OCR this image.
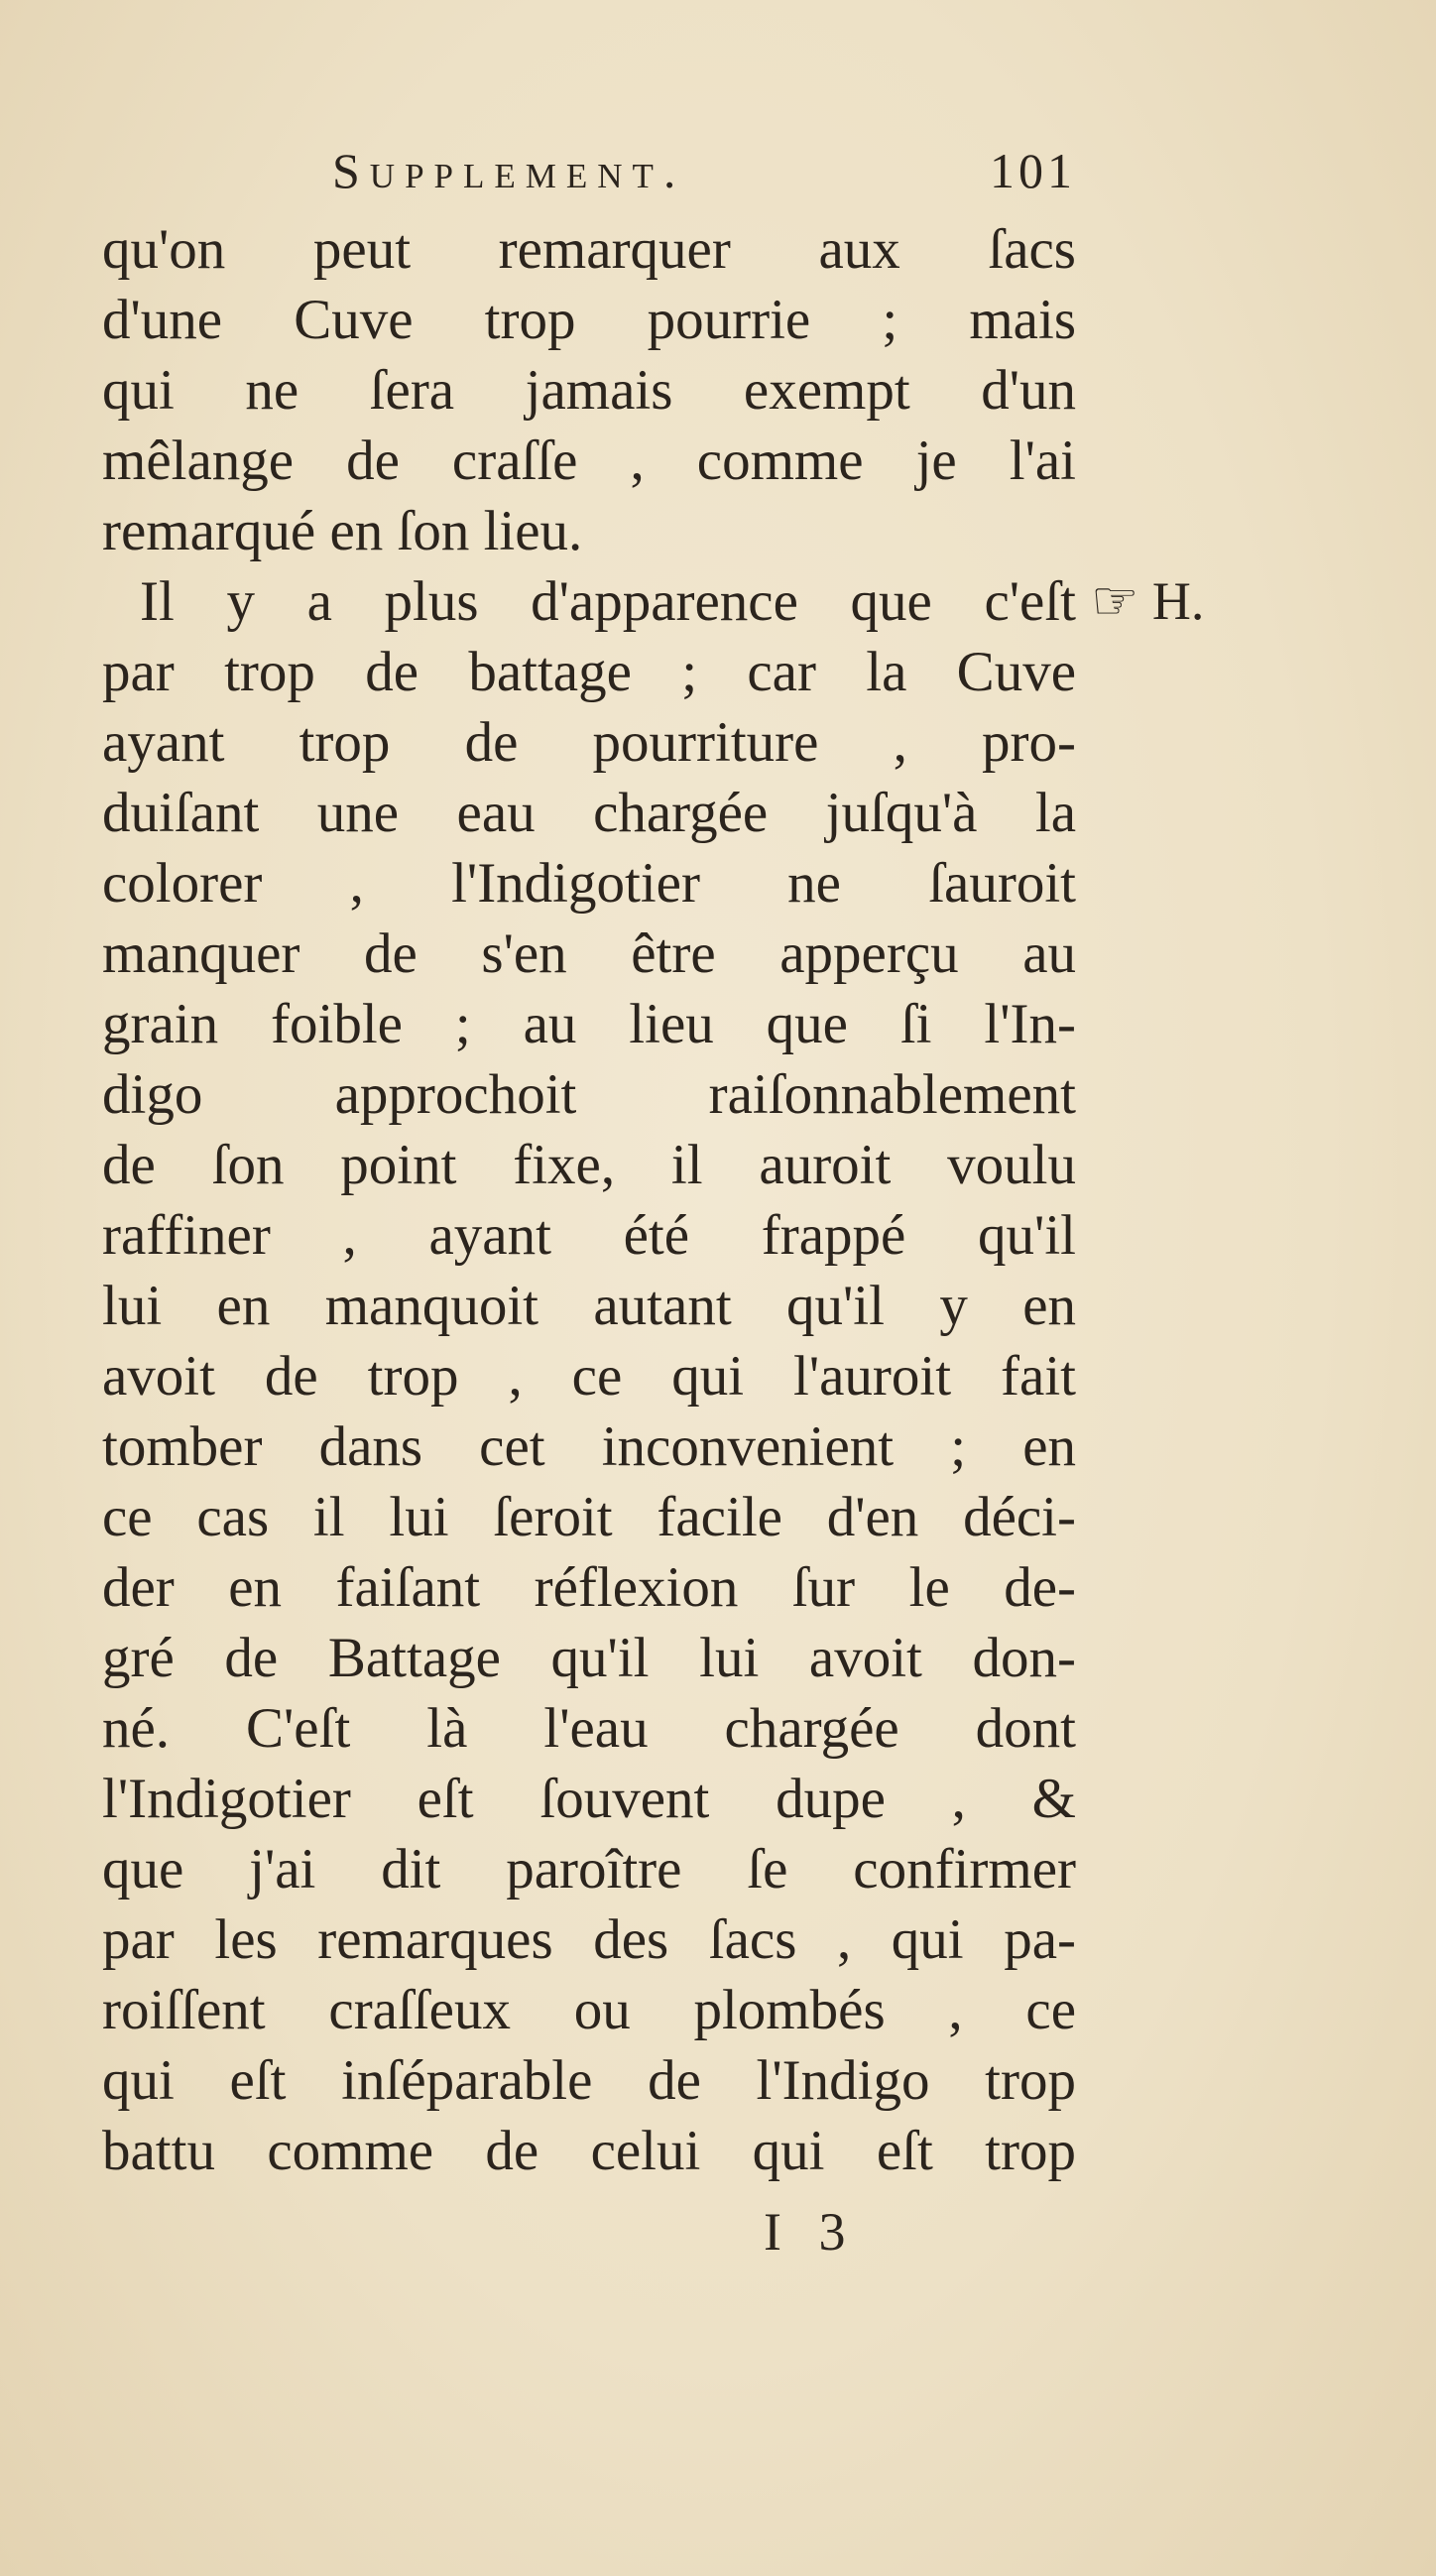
Supplement.	101
qu'on peut remarquer aux ſacs
d'une Cuve trop pourrie ; mais
qui ne ſera jamais exempt d'un
mêlange de craſſe , comme je l'ai
remarqué en ſon lieu.
Il y a plus d'apparence que c'eſt
par trop de battage ; car la Cuve
ayant trop de pourriture , pro-
duiſant une eau chargée juſqu'à la
colorer , l'Indigotier ne ſauroit
manquer de s'en être apperçu au
grain foible ; au lieu que ſi l'In-
digo approchoit raiſonnablement
de ſon point fixe, il auroit voulu
raffiner , ayant été frappé qu'il
lui en manquoit autant qu'il y en
avoit de trop , ce qui l'auroit fait
tomber dans cet inconvenient ; en
ce cas il lui ſeroit facile d'en déci-
der en faiſant réflexion ſur le de-
gré de Battage qu'il lui avoit don-
né. C'eſt là l'eau chargée dont
l'Indigotier eſt ſouvent dupe , &
que j'ai dit paroître ſe confirmer
par les remarques des ſacs , qui pa-
roiſſent craſſeux ou plombés , ce
qui eſt inſéparable de l'Indigo trop
battu comme de celui qui eſt trop
☞ H.
I 3
